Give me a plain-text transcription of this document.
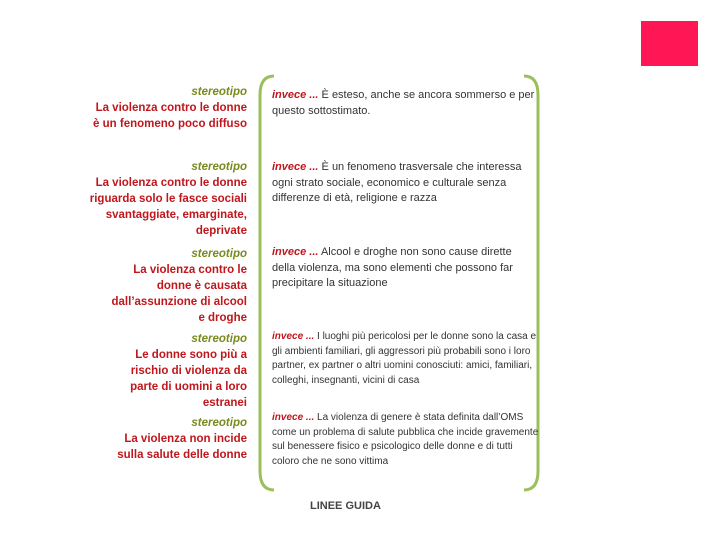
stereotipo
La violenza contro le donne è un fenomeno poco diffuso
stereotipo
La violenza contro le donne riguarda solo le fasce sociali svantaggiate, emarginate, deprivate
stereotipo
La violenza contro le donne è causata dall’assunzione di alcool e droghe
stereotipo
Le donne sono più a rischio di violenza da parte di uomini a loro estranei
stereotipo
La violenza non incide sulla salute delle donne
invece ... È esteso, anche se ancora sommerso e per questo sottostimato.
invece ... È un fenomeno trasversale che interessa ogni strato sociale, economico e culturale senza differenze di età, religione e razza
invece ... Alcool e droghe non sono cause dirette della violenza, ma sono elementi che possono far precipitare la situazione
invece ... I luoghi più pericolosi per le donne sono la casa e gli ambienti familiari, gli aggressori più probabili sono i loro partner, ex partner o altri uomini conosciuti: amici, familiari, colleghi, insegnanti, vicini di casa
invece ... La violenza di genere è stata definita dall’OMS come un problema di salute pubblica che incide gravemente sul benessere fisico e psicologico delle donne e di tutti coloro che ne sono vittima
LINEE GUIDA
